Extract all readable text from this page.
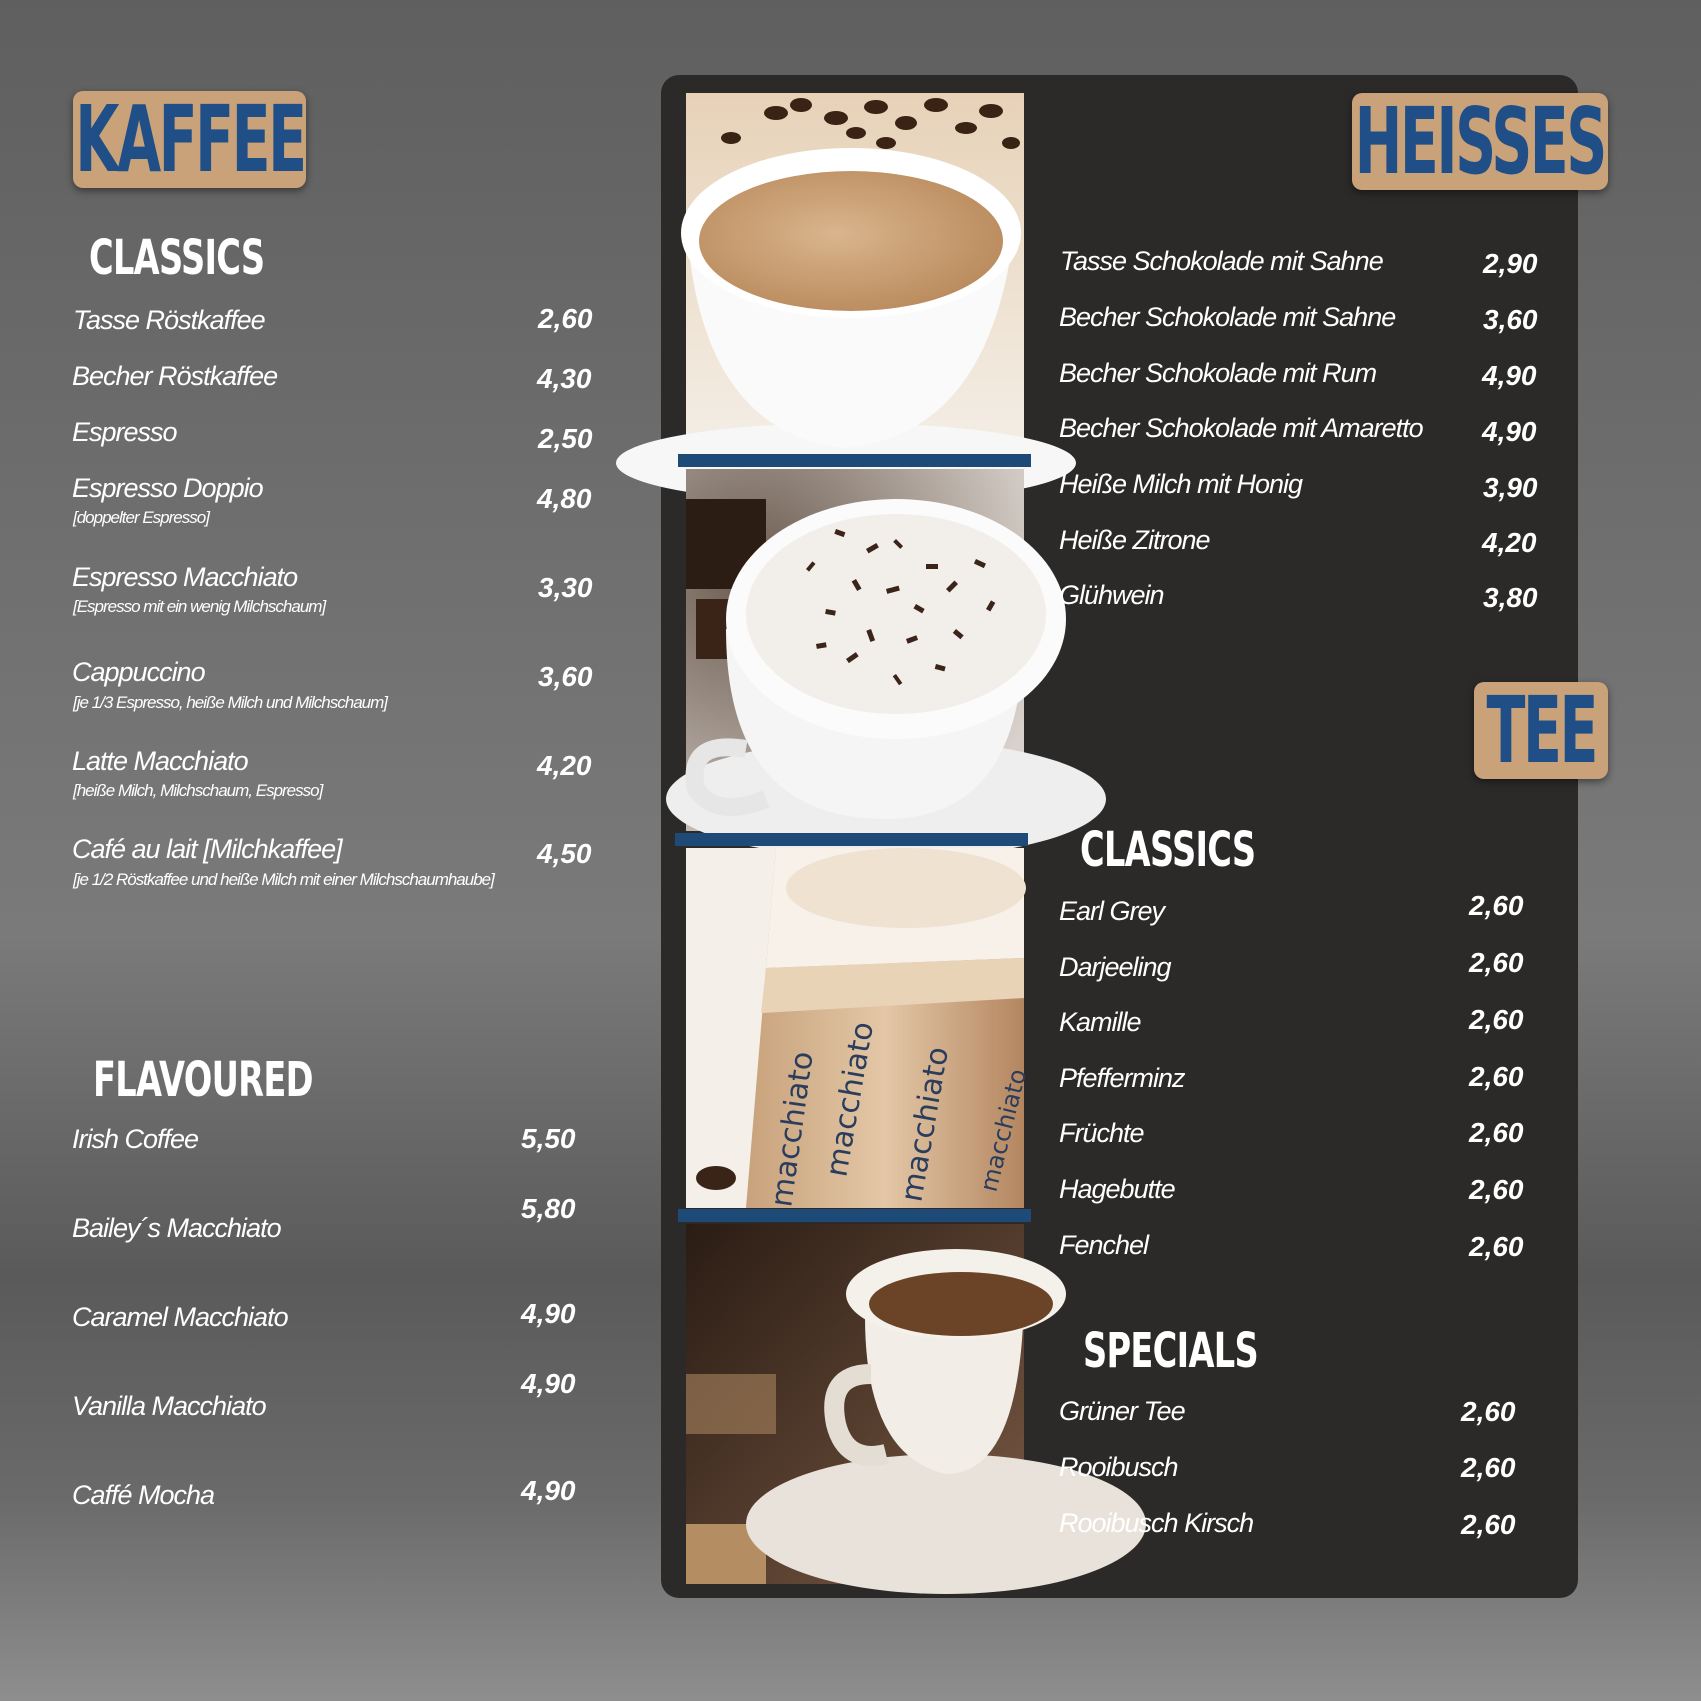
KAFFEE
CLASSICS
Tasse Röstkaffee	2,60
Becher Röstkaffee	4,30
Espresso	2,50
Espresso Doppio
[doppelter Espresso]
4,80
Espresso Macchiato
[Espresso mit ein wenig Milchschaum]
3,30
Cappuccino
[je 1/3 Espresso, heiße Milch und Milchschaum]
3,60
Latte Macchiato
[heiße Milch, Milchschaum, Espresso]
4,20
Café au lait [Milchkaffee]
[je 1/2 Röstkaffee und heiße Milch mit einer Milchschaumhaube]
4,50
FLAVOURED
Irish Coffee	5,50
Bailey´s Macchiato
5,80
Caramel Macchiato	4,90
Vanilla Macchiato
4,90
Caffé Mocha	4,90
macchiato
macchiato macchiato macchiato
HEISSES
Tasse Schokolade mit Sahne	2,90
Becher Schokolade mit Sahne	3,60
Becher Schokolade mit Rum	4,90
Becher Schokolade mit Amaretto 4,90
Heiße Milch mit Honig	3,90
Heiße Zitrone	4,20
Glühwein	3,80
TEE
CLASSICS
Earl Grey	2,60
Darjeeling	2,60
Kamille	2,60
Pfefferminz	2,60
Früchte	2,60
Hagebutte	2,60
Fenchel	2,60
SPECIALS
Grüner Tee	2,60
Rooibusch	2,60
Rooibusch Kirsch	2,60
